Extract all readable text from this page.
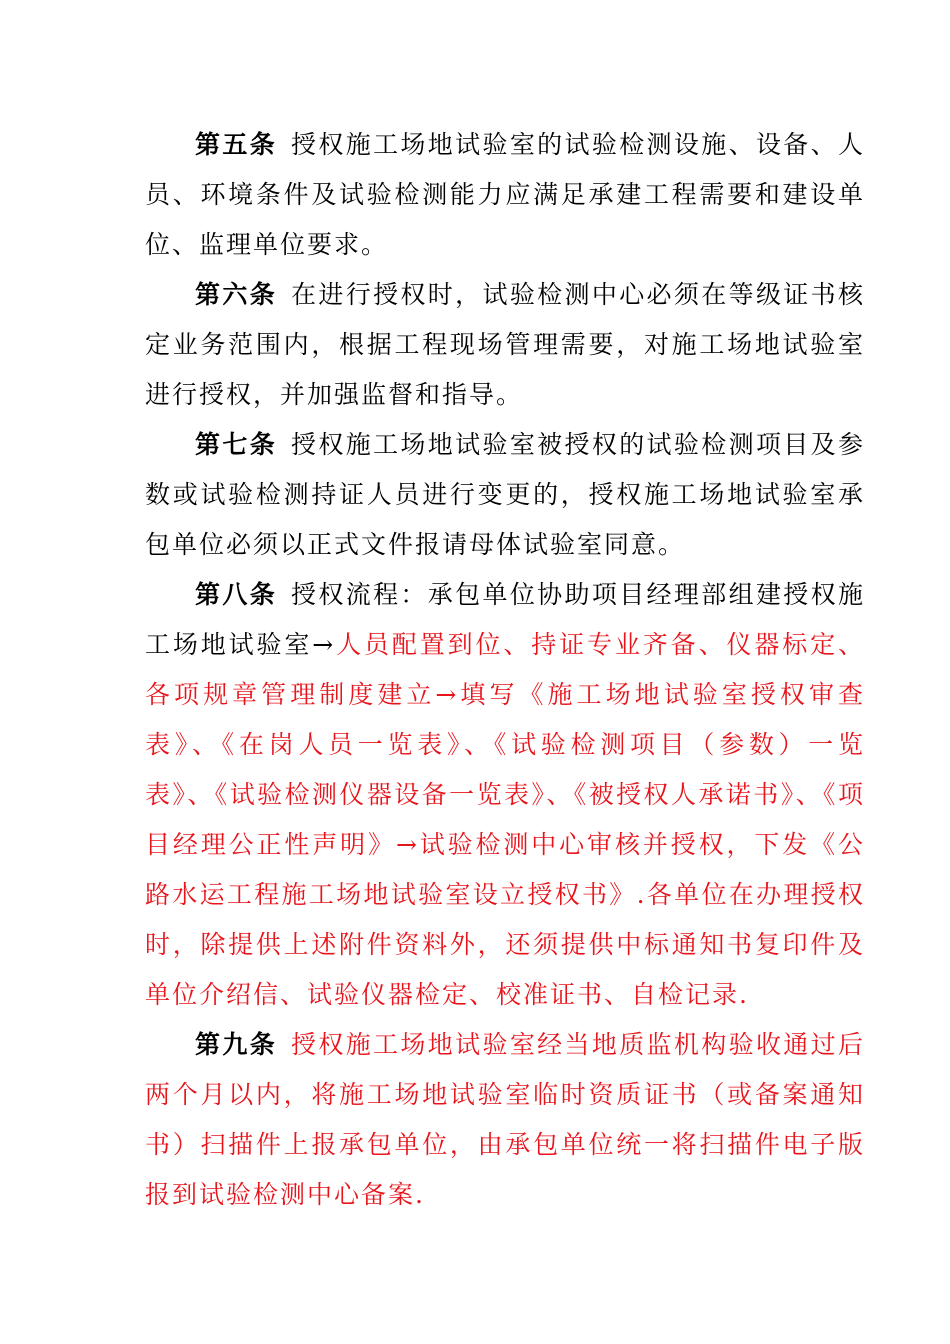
第五条 授权施工场地试验室的试验检测设施、设备、人员、环境条件及试验检测能力应满足承建工程需要和建设单位、监理单位要求。

第六条 在进行授权时，试验检测中心必须在等级证书核定业务范围内，根据工程现场管理需要，对施工场地试验室进行授权，并加强监督和指导。

第七条 授权施工场地试验室被授权的试验检测项目及参数或试验检测持证人员进行变更的，授权施工场地试验室承包单位必须以正式文件报请母体试验室同意。

第八条 授权流程：承包单位协助项目经理部组建授权施工场地试验室→人员配置到位、持证专业齐备、仪器标定、各项规章管理制度建立→填写《施工场地试验室授权审查表》、《在岗人员一览表》、《试验检测项目（参数）一览表》、《试验检测仪器设备一览表》、《被授权人承诺书》、《项目经理公正性声明》→试验检测中心审核并授权，下发《公路水运工程施工场地试验室设立授权书》.各单位在办理授权时，除提供上述附件资料外，还须提供中标通知书复印件及单位介绍信、试验仪器检定、校准证书、自检记录.

第九条 授权施工场地试验室经当地质监机构验收通过后两个月以内，将施工场地试验室临时资质证书（或备案通知书）扫描件上报承包单位，由承包单位统一将扫描件电子版报到试验检测中心备案.
